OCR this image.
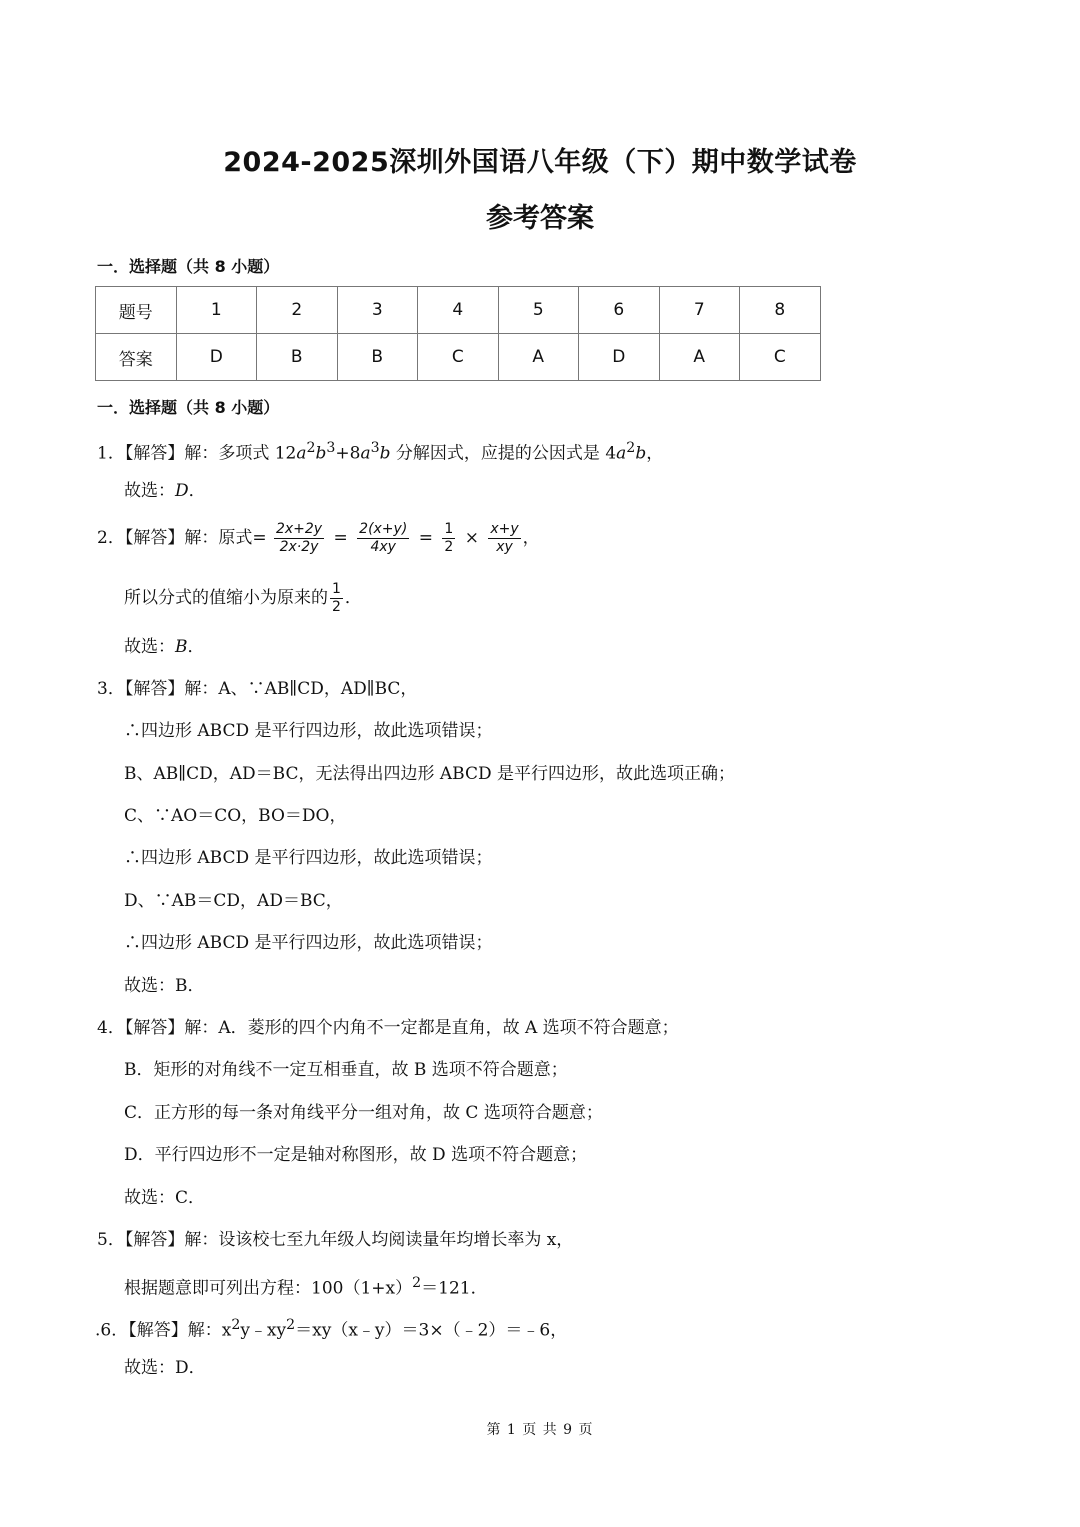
2024-2025深圳外国语八年级（下）期中数学试卷
参考答案
一．选择题（共 8 小题）
题号	1	2	3	4	5	6	7	8
答案	D	B	B	C	A	D	A	C
一．选择题（共 8 小题）
1．【解答】解：多项式 $12a^2b^3+8a^3b$ 分解因式，应提的公因式是 $4a^2b$，
故选：D．
2．【解答】解：原式= $\frac{2x+2y}{2x\cdot 2y} = \frac{2(x+y)}{4xy} = \frac{1}{2} \times \frac{x+y}{xy}$ ，
所以分式的值缩小为原来的 $\frac{1}{2}$ ．
故选：B．
3．【解答】解：A、∵AB∥CD，AD∥BC，
∴四边形 ABCD 是平行四边形，故此选项错误；
B、AB∥CD，AD＝BC，无法得出四边形 ABCD 是平行四边形，故此选项正确；
C、∵AO＝CO，BO＝DO，
∴四边形 ABCD 是平行四边形，故此选项错误；
D、∵AB＝CD，AD＝BC，
∴四边形 ABCD 是平行四边形，故此选项错误；
故选：B．
4．【解答】解：A．菱形的四个内角不一定都是直角，故 A 选项不符合题意；
B．矩形的对角线不一定互相垂直，故 B 选项不符合题意；
C．正方形的每一条对角线平分一组对角，故 C 选项符合题意；
D．平行四边形不一定是轴对称图形，故 D 选项不符合题意；
故选：C．
5．【解答】解：设该校七至九年级人均阅读量年均增长率为 x，
根据题意即可列出方程：$100(1+x)^2=121$．
.6．【解答】解：$x^2y﹣xy^2=xy(x﹣y)=3\times(﹣2)=﹣6$，
故选：D．
第 1 页 共 9 页
